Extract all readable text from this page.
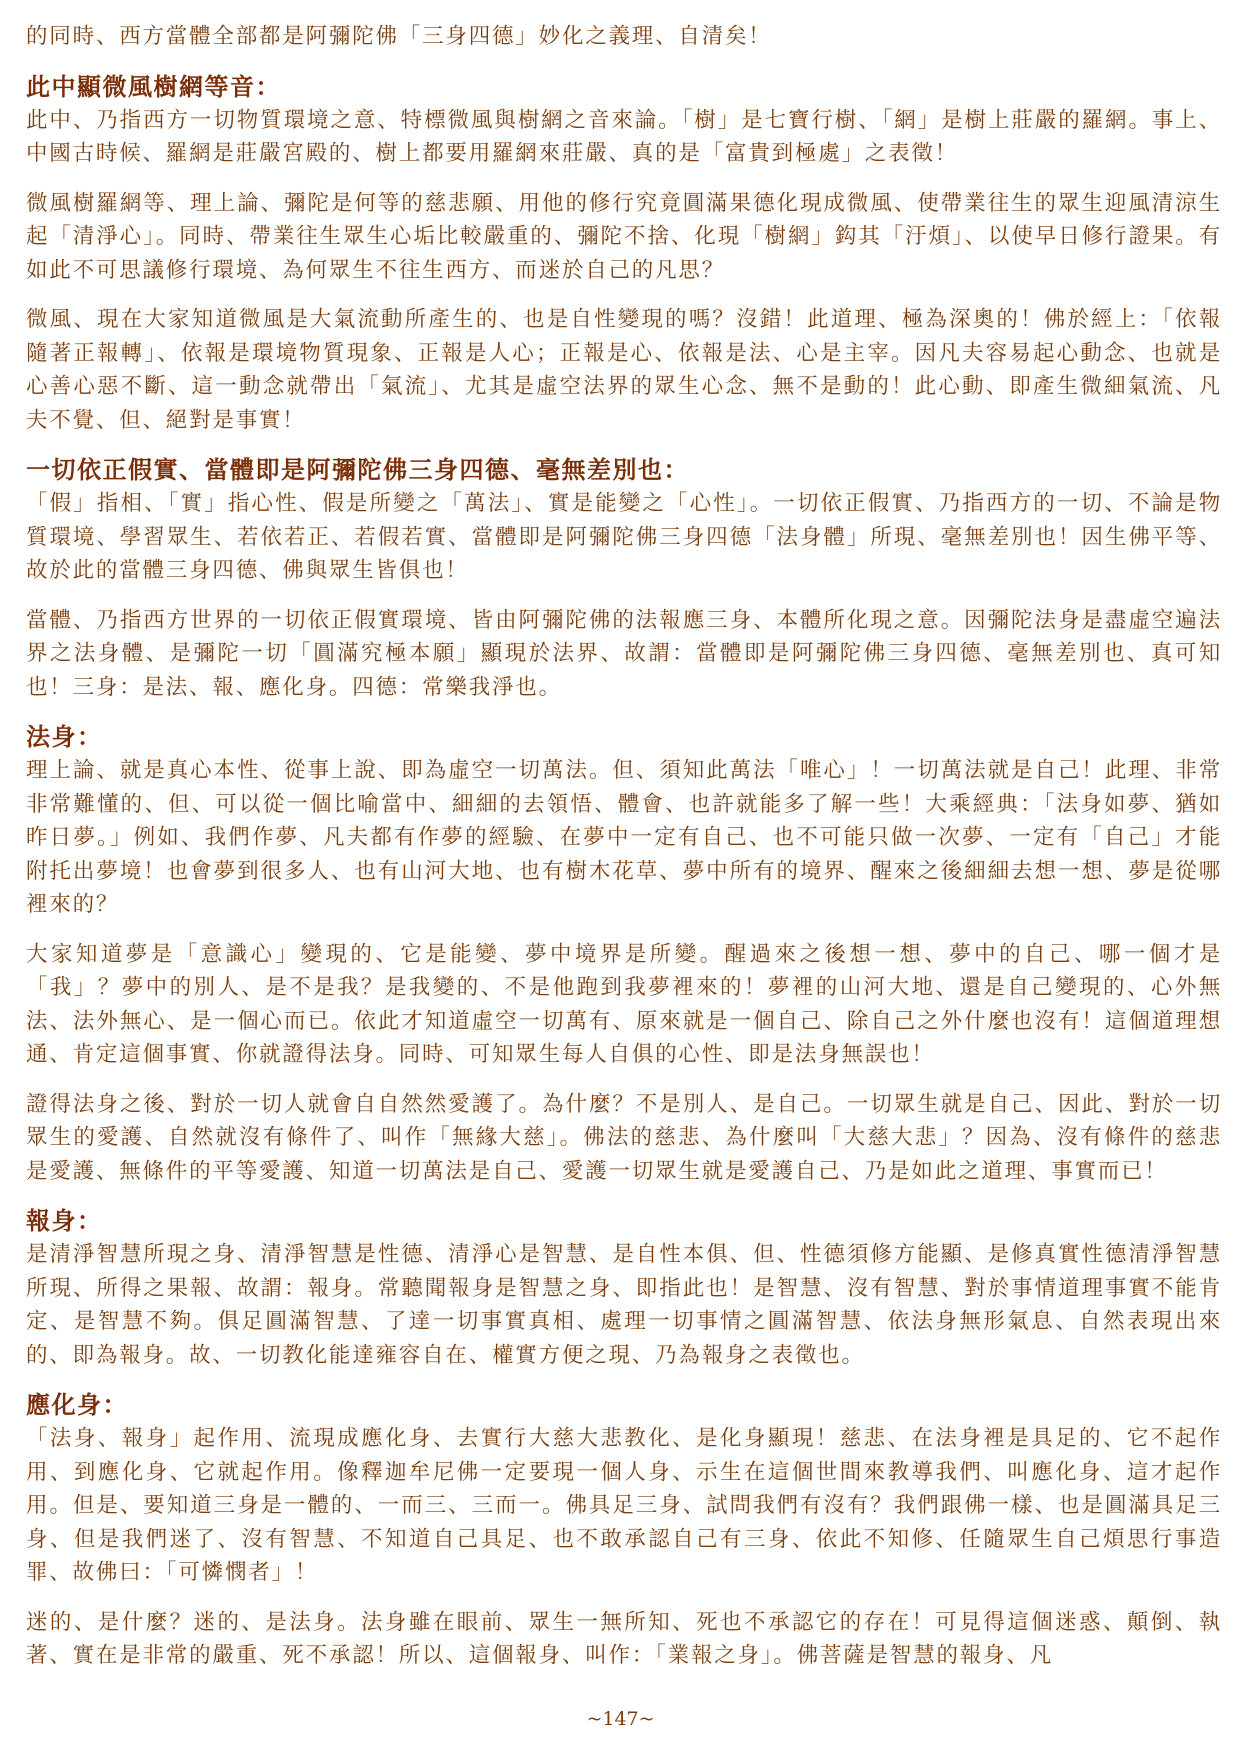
的同時、西方當體全部都是阿彌陀佛「三身四德」妙化之義理、自清矣！

此中顯微風樹網等音：

此中、乃指西方一切物質環境之意、特標微風與樹網之音來論。「樹」是七寶行樹、「網」是樹上莊嚴的羅網。事上、中國古時候、羅網是莊嚴宮殿的、樹上都要用羅網來莊嚴、真的是「富貴到極處」之表徵！

微風樹羅網等、理上論、彌陀是何等的慈悲願、用他的修行究竟圓滿果德化現成微風、使帶業往生的眾生迎風清涼生起「清淨心」。同時、帶業往生眾生心垢比較嚴重的、彌陀不捨、化現「樹網」鈎其「汙煩」、以使早日修行證果。有如此不可思議修行環境、為何眾生不往生西方、而迷於自己的凡思？

微風、現在大家知道微風是大氣流動所產生的、也是自性變現的嗎？沒錯！此道理、極為深奧的！佛於經上：「依報隨著正報轉」、依報是環境物質現象、正報是人心；正報是心、依報是法、心是主宰。因凡夫容易起心動念、也就是心善心惡不斷、這一動念就帶出「氣流」、尤其是虛空法界的眾生心念、無不是動的！此心動、即產生微細氣流、凡夫不覺、但、絕對是事實！

一切依正假實、當體即是阿彌陀佛三身四德、毫無差別也：

「假」指相、「實」指心性、假是所變之「萬法」、實是能變之「心性」。一切依正假實、乃指西方的一切、不論是物質環境、學習眾生、若依若正、若假若實、當體即是阿彌陀佛三身四德「法身體」所現、毫無差別也！因生佛平等、故於此的當體三身四德、佛與眾生皆俱也！

當體、乃指西方世界的一切依正假實環境、皆由阿彌陀佛的法報應三身、本體所化現之意。因彌陀法身是盡虛空遍法界之法身體、是彌陀一切「圓滿究極本願」顯現於法界、故謂：當體即是阿彌陀佛三身四德、毫無差別也、真可知也！三身：是法、報、應化身。四德：常樂我淨也。

法身：

理上論、就是真心本性、從事上說、即為虛空一切萬法。但、須知此萬法「唯心」！一切萬法就是自己！此理、非常非常難懂的、但、可以從一個比喻當中、細細的去領悟、體會、也許就能多了解一些！大乘經典：「法身如夢、猶如昨日夢。」例如、我們作夢、凡夫都有作夢的經驗、在夢中一定有自己、也不可能只做一次夢、一定有「自己」才能附托出夢境！也會夢到很多人、也有山河大地、也有樹木花草、夢中所有的境界、醒來之後細細去想一想、夢是從哪裡來的？

大家知道夢是「意識心」變現的、它是能變、夢中境界是所變。醒過來之後想一想、夢中的自己、哪一個才是「我」？夢中的別人、是不是我？是我變的、不是他跑到我夢裡來的！夢裡的山河大地、還是自己變現的、心外無法、法外無心、是一個心而已。依此才知道虛空一切萬有、原來就是一個自己、除自己之外什麼也沒有！這個道理想通、肯定這個事實、你就證得法身。同時、可知眾生每人自俱的心性、即是法身無誤也！

證得法身之後、對於一切人就會自自然然愛護了。為什麼？不是別人、是自己。一切眾生就是自己、因此、對於一切眾生的愛護、自然就沒有條件了、叫作「無緣大慈」。佛法的慈悲、為什麼叫「大慈大悲」？因為、沒有條件的慈悲是愛護、無條件的平等愛護、知道一切萬法是自己、愛護一切眾生就是愛護自己、乃是如此之道理、事實而已！

報身：

是清淨智慧所現之身、清淨智慧是性德、清淨心是智慧、是自性本俱、但、性德須修方能顯、是修真實性德清淨智慧所現、所得之果報、故謂：報身。常聽聞報身是智慧之身、即指此也！是智慧、沒有智慧、對於事情道理事實不能肯定、是智慧不夠。俱足圓滿智慧、了達一切事實真相、處理一切事情之圓滿智慧、依法身無形氣息、自然表現出來的、即為報身。故、一切教化能達雍容自在、權實方便之現、乃為報身之表徵也。

應化身：

「法身、報身」起作用、流現成應化身、去實行大慈大悲教化、是化身顯現！慈悲、在法身裡是具足的、它不起作用、到應化身、它就起作用。像釋迦牟尼佛一定要現一個人身、示生在這個世間來教導我們、叫應化身、這才起作用。但是、要知道三身是一體的、一而三、三而一。佛具足三身、試問我們有沒有？我們跟佛一樣、也是圓滿具足三身、但是我們迷了、沒有智慧、不知道自己具足、也不敢承認自己有三身、依此不知修、任隨眾生自己煩思行事造罪、故佛曰：「可憐憫者」！

迷的、是什麼？迷的、是法身。法身雖在眼前、眾生一無所知、死也不承認它的存在！可見得這個迷惑、顛倒、執著、實在是非常的嚴重、死不承認！所以、這個報身、叫作：「業報之身」。佛菩薩是智慧的報身、凡

~147~
